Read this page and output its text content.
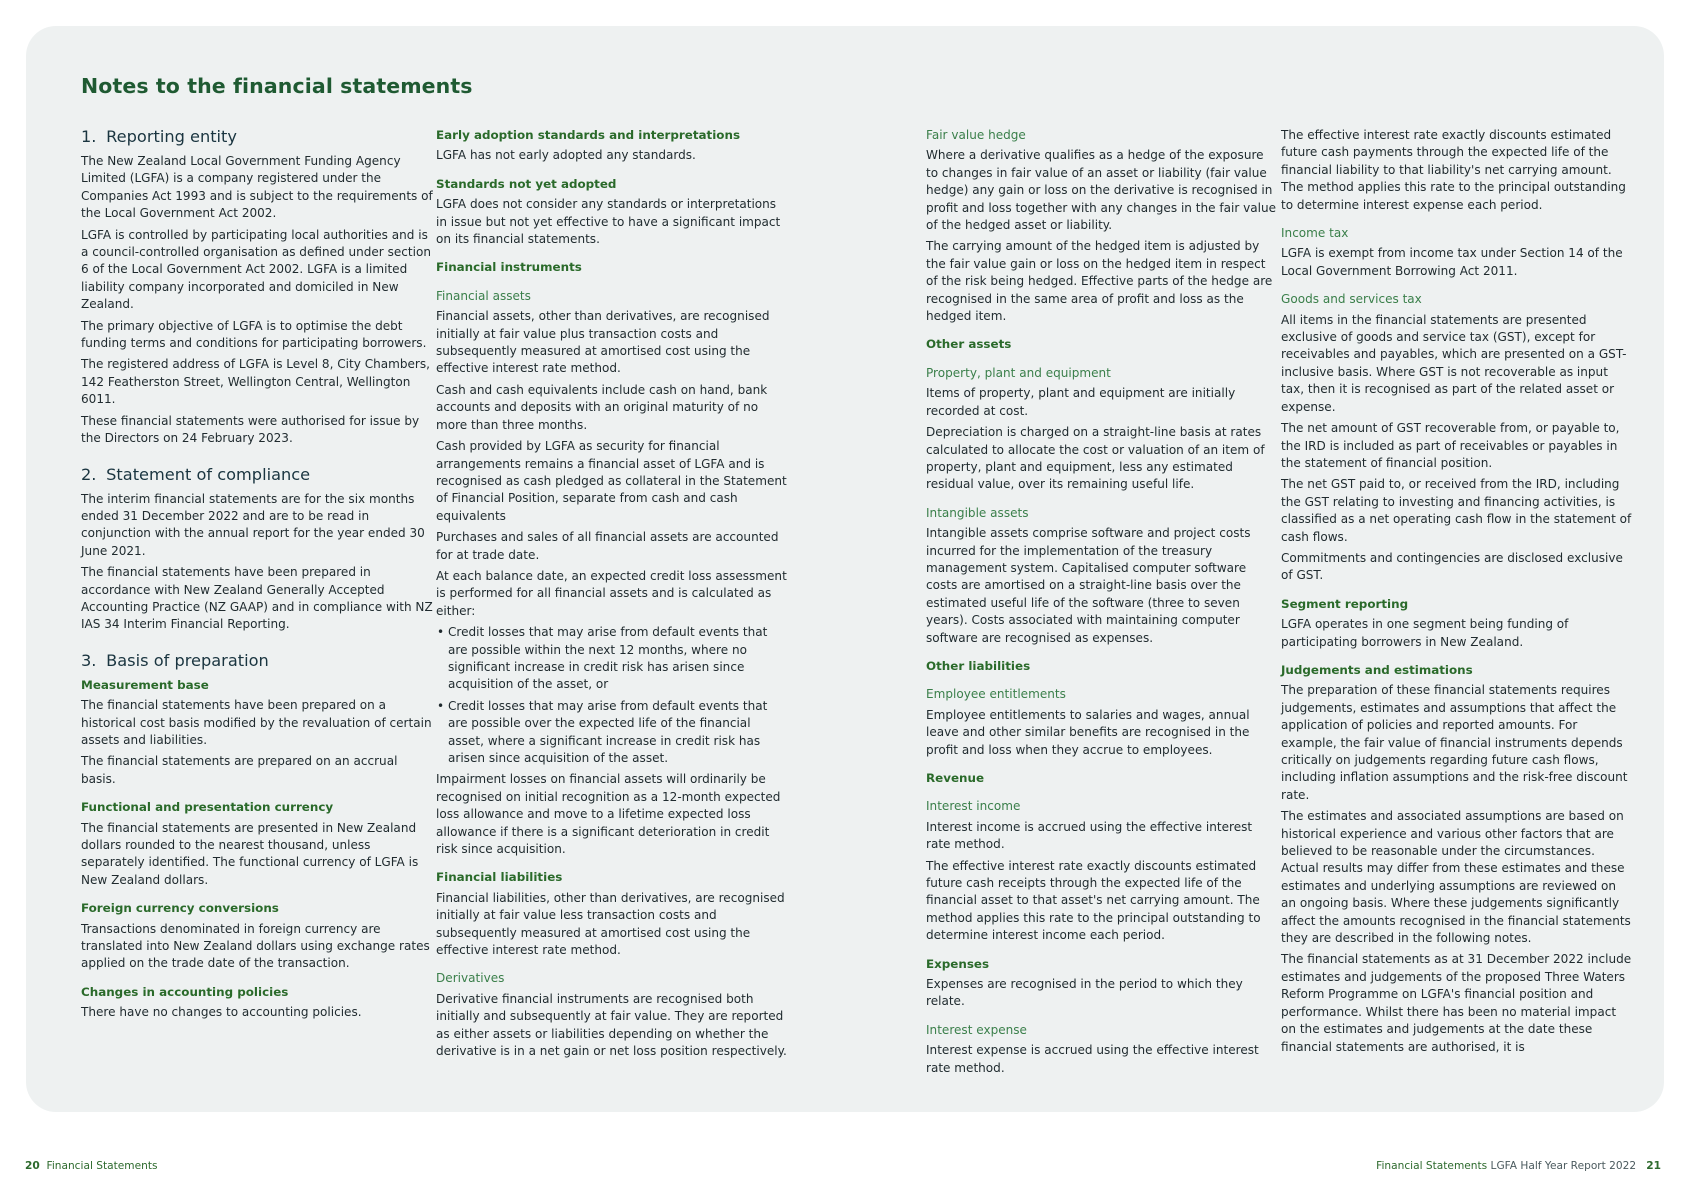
Notes to the financial statements
1. Reporting entity

The New Zealand Local Government Funding Agency Limited (LGFA) is a company registered under the Companies Act 1993 and is subject to the requirements of the Local Government Act 2002.

LGFA is controlled by participating local authorities and is a council-controlled organisation as defined under section 6 of the Local Government Act 2002. LGFA is a limited liability company incorporated and domiciled in New Zealand.

The primary objective of LGFA is to optimise the debt funding terms and conditions for participating borrowers.

The registered address of LGFA is Level 8, City Chambers, 142 Featherston Street, Wellington Central, Wellington 6011.

These financial statements were authorised for issue by the Directors on 24 February 2023.

2. Statement of compliance

The interim financial statements are for the six months ended 31 December 2022 and are to be read in conjunction with the annual report for the year ended 30 June 2021.

The financial statements have been prepared in accordance with New Zealand Generally Accepted Accounting Practice (NZ GAAP) and in compliance with NZ IAS 34 Interim Financial Reporting.

3. Basis of preparation
Measurement base

The financial statements have been prepared on a historical cost basis modified by the revaluation of certain assets and liabilities.

The financial statements are prepared on an accrual basis.

Functional and presentation currency

The financial statements are presented in New Zealand dollars rounded to the nearest thousand, unless separately identified. The functional currency of LGFA is New Zealand dollars.

Foreign currency conversions

Transactions denominated in foreign currency are translated into New Zealand dollars using exchange rates applied on the trade date of the transaction.

Changes in accounting policies

There have no changes to accounting policies.

Early adoption standards and interpretations

LGFA has not early adopted any standards.

Standards not yet adopted

LGFA does not consider any standards or interpretations in issue but not yet effective to have a significant impact on its financial statements.

Financial instruments
Financial assets

Financial assets, other than derivatives, are recognised initially at fair value plus transaction costs and subsequently measured at amortised cost using the effective interest rate method.

Cash and cash equivalents include cash on hand, bank accounts and deposits with an original maturity of no more than three months.

Cash provided by LGFA as security for financial arrangements remains a financial asset of LGFA and is recognised as cash pledged as collateral in the Statement of Financial Position, separate from cash and cash equivalents

Purchases and sales of all financial assets are accounted for at trade date.

At each balance date, an expected credit loss assessment is performed for all financial assets and is calculated as either:

• Credit losses that may arise from default events that are possible within the next 12 months, where no significant increase in credit risk has arisen since acquisition of the asset, or
• Credit losses that may arise from default events that are possible over the expected life of the financial asset, where a significant increase in credit risk has arisen since acquisition of the asset.

Impairment losses on financial assets will ordinarily be recognised on initial recognition as a 12-month expected loss allowance and move to a lifetime expected loss allowance if there is a significant deterioration in credit risk since acquisition.

Financial liabilities

Financial liabilities, other than derivatives, are recognised initially at fair value less transaction costs and subsequently measured at amortised cost using the effective interest rate method.

Derivatives

Derivative financial instruments are recognised both initially and subsequently at fair value. They are reported as either assets or liabilities depending on whether the derivative is in a net gain or net loss position respectively.

Fair value hedge

Where a derivative qualifies as a hedge of the exposure to changes in fair value of an asset or liability (fair value hedge) any gain or loss on the derivative is recognised in profit and loss together with any changes in the fair value of the hedged asset or liability.

The carrying amount of the hedged item is adjusted by the fair value gain or loss on the hedged item in respect of the risk being hedged. Effective parts of the hedge are recognised in the same area of profit and loss as the hedged item.

Other assets
Property, plant and equipment

Items of property, plant and equipment are initially recorded at cost.

Depreciation is charged on a straight-line basis at rates calculated to allocate the cost or valuation of an item of property, plant and equipment, less any estimated residual value, over its remaining useful life.

Intangible assets

Intangible assets comprise software and project costs incurred for the implementation of the treasury management system. Capitalised computer software costs are amortised on a straight-line basis over the estimated useful life of the software (three to seven years). Costs associated with maintaining computer software are recognised as expenses.

Other liabilities
Employee entitlements

Employee entitlements to salaries and wages, annual leave and other similar benefits are recognised in the profit and loss when they accrue to employees.

Revenue
Interest income

Interest income is accrued using the effective interest rate method.

The effective interest rate exactly discounts estimated future cash receipts through the expected life of the financial asset to that asset's net carrying amount. The method applies this rate to the principal outstanding to determine interest income each period.

Expenses

Expenses are recognised in the period to which they relate.

Interest expense

Interest expense is accrued using the effective interest rate method.

The effective interest rate exactly discounts estimated future cash payments through the expected life of the financial liability to that liability's net carrying amount. The method applies this rate to the principal outstanding to determine interest expense each period.

Income tax

LGFA is exempt from income tax under Section 14 of the Local Government Borrowing Act 2011.

Goods and services tax

All items in the financial statements are presented exclusive of goods and service tax (GST), except for receivables and payables, which are presented on a GST-inclusive basis. Where GST is not recoverable as input tax, then it is recognised as part of the related asset or expense.

The net amount of GST recoverable from, or payable to, the IRD is included as part of receivables or payables in the statement of financial position.

The net GST paid to, or received from the IRD, including the GST relating to investing and financing activities, is classified as a net operating cash flow in the statement of cash flows.

Commitments and contingencies are disclosed exclusive of GST.

Segment reporting

LGFA operates in one segment being funding of participating borrowers in New Zealand.

Judgements and estimations

The preparation of these financial statements requires judgements, estimates and assumptions that affect the application of policies and reported amounts. For example, the fair value of financial instruments depends critically on judgements regarding future cash flows, including inflation assumptions and the risk-free discount rate.

The estimates and associated assumptions are based on historical experience and various other factors that are believed to be reasonable under the circumstances. Actual results may differ from these estimates and these estimates and underlying assumptions are reviewed on an ongoing basis. Where these judgements significantly affect the amounts recognised in the financial statements they are described in the following notes.

The financial statements as at 31 December 2022 include estimates and judgements of the proposed Three Waters Reform Programme on LGFA's financial position and performance. Whilst there has been no material impact on the estimates and judgements at the date these financial statements are authorised, it is

20 Financial Statements	Financial Statements LGFA Half Year Report 2022 21
